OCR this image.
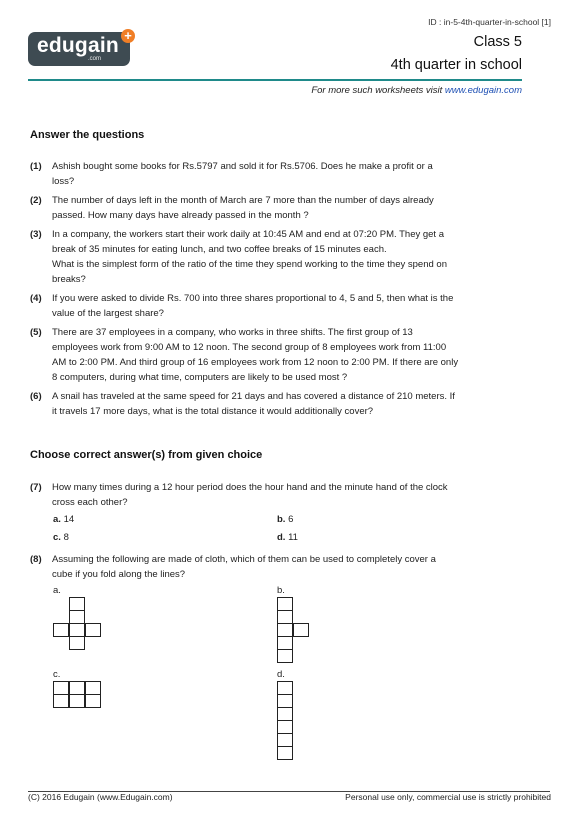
ID : in-5-4th-quarter-in-school [1]
edugain
.com
+	Class 5
4th quarter in school
For more such worksheets visit www.edugain.com
Answer the questions
(1) Ashish bought some books for Rs.5797 and sold it for Rs.5706. Does he make a profit or a
loss?
(2) The number of days left in the month of March are 7 more than the number of days already
passed. How many days have already passed in the month ?
(3) In a company, the workers start their work daily at 10:45 AM and end at 07:20 PM. They get a
break of 35 minutes for eating lunch, and two coffee breaks of 15 minutes each.
What is the simplest form of the ratio of the time they spend working to the time they spend on
breaks?
(4) If you were asked to divide Rs. 700 into three shares proportional to 4, 5 and 5, then what is the
value of the largest share?
(5) There are 37 employees in a company, who works in three shifts. The first group of 13
employees work from 9:00 AM to 12 noon. The second group of 8 employees work from 11:00
AM to 2:00 PM. And third group of 16 employees work from 12 noon to 2:00 PM. If there are only
8 computers, during what time, computers are likely to be used most ?
(6) A snail has traveled at the same speed for 21 days and has covered a distance of 210 meters. If
it travels 17 more days, what is the total distance it would additionally cover?
Choose correct answer(s) from given choice
(7) How many times during a 12 hour period does the hour hand and the minute hand of the clock
cross each other?
a. 14	b. 6
c. 8	d. 11
(8) Assuming the following are made of cloth, which of them can be used to completely cover a
cube if you fold along the lines?
a.	b.
c.	d.
(C) 2016 Edugain (www.Edugain.com)	Personal use only, commercial use is strictly prohibited
